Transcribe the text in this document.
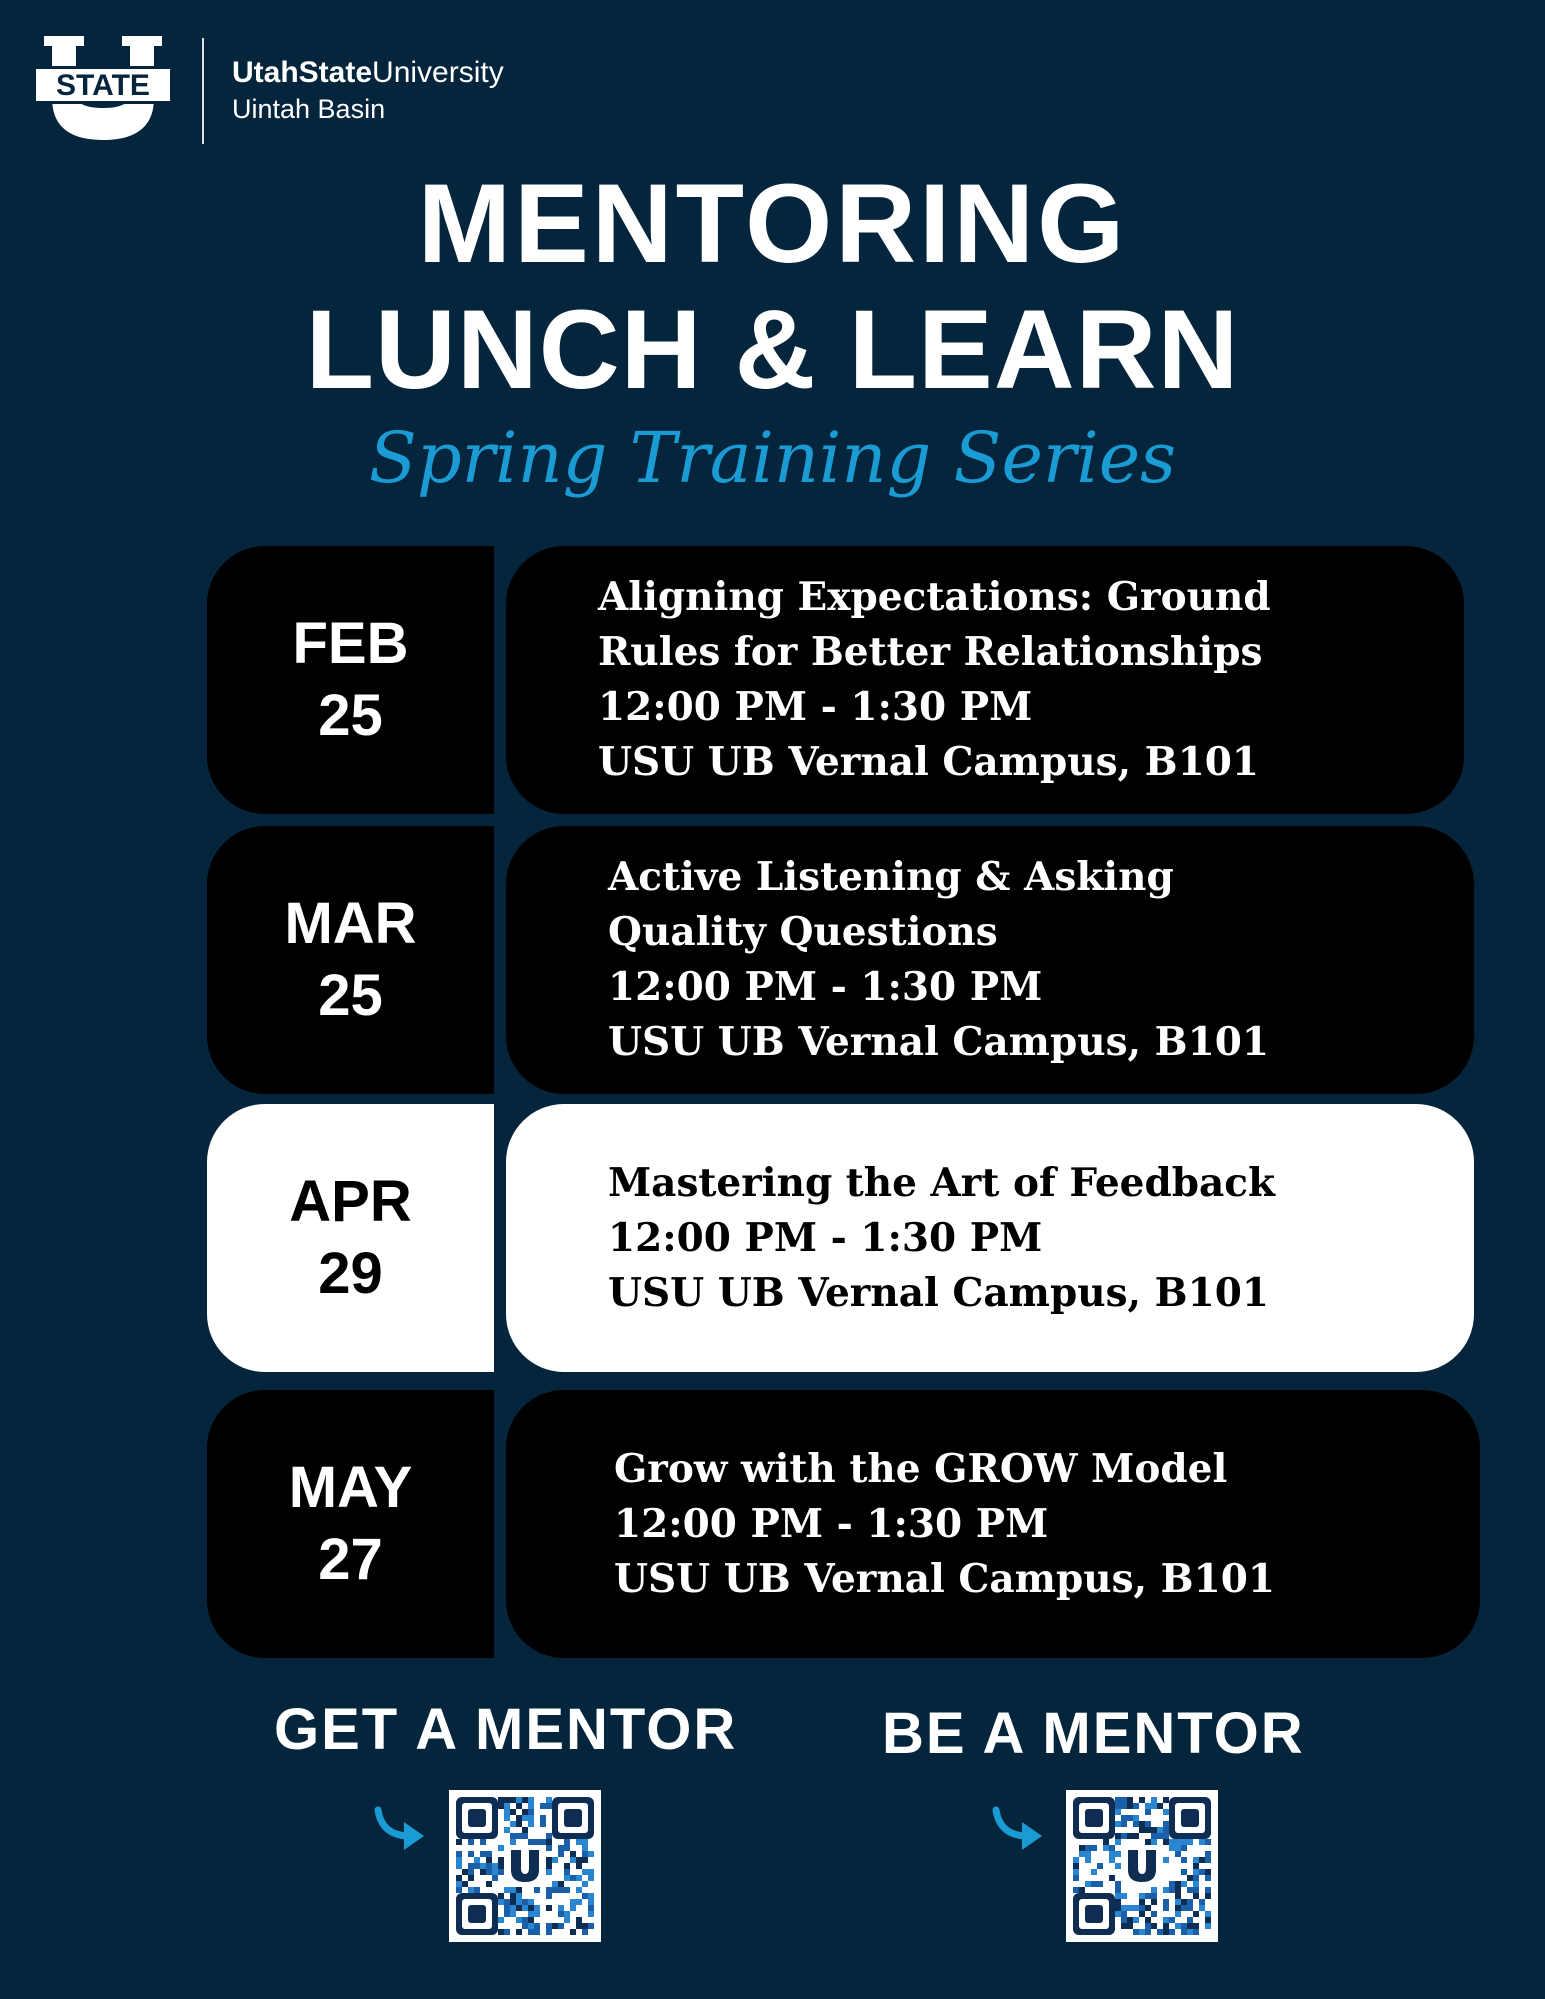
STATE	UtahStateUniversity
Uintah Basin
MENTORING
LUNCH & LEARN
Spring Training Series
FEB
25
Aligning Expectations: Ground
Rules for Better Relationships
12:00 PM - 1:30 PM
USU UB Vernal Campus, B101
MAR
25
Active Listening & Asking
Quality Questions
12:00 PM - 1:30 PM
USU UB Vernal Campus, B101
APR
29
Mastering the Art of Feedback
12:00 PM - 1:30 PM
USU UB Vernal Campus, B101
MAY
27
Grow with the GROW Model
12:00 PM - 1:30 PM
USU UB Vernal Campus, B101
GET A MENTOR BE A MENTOR
